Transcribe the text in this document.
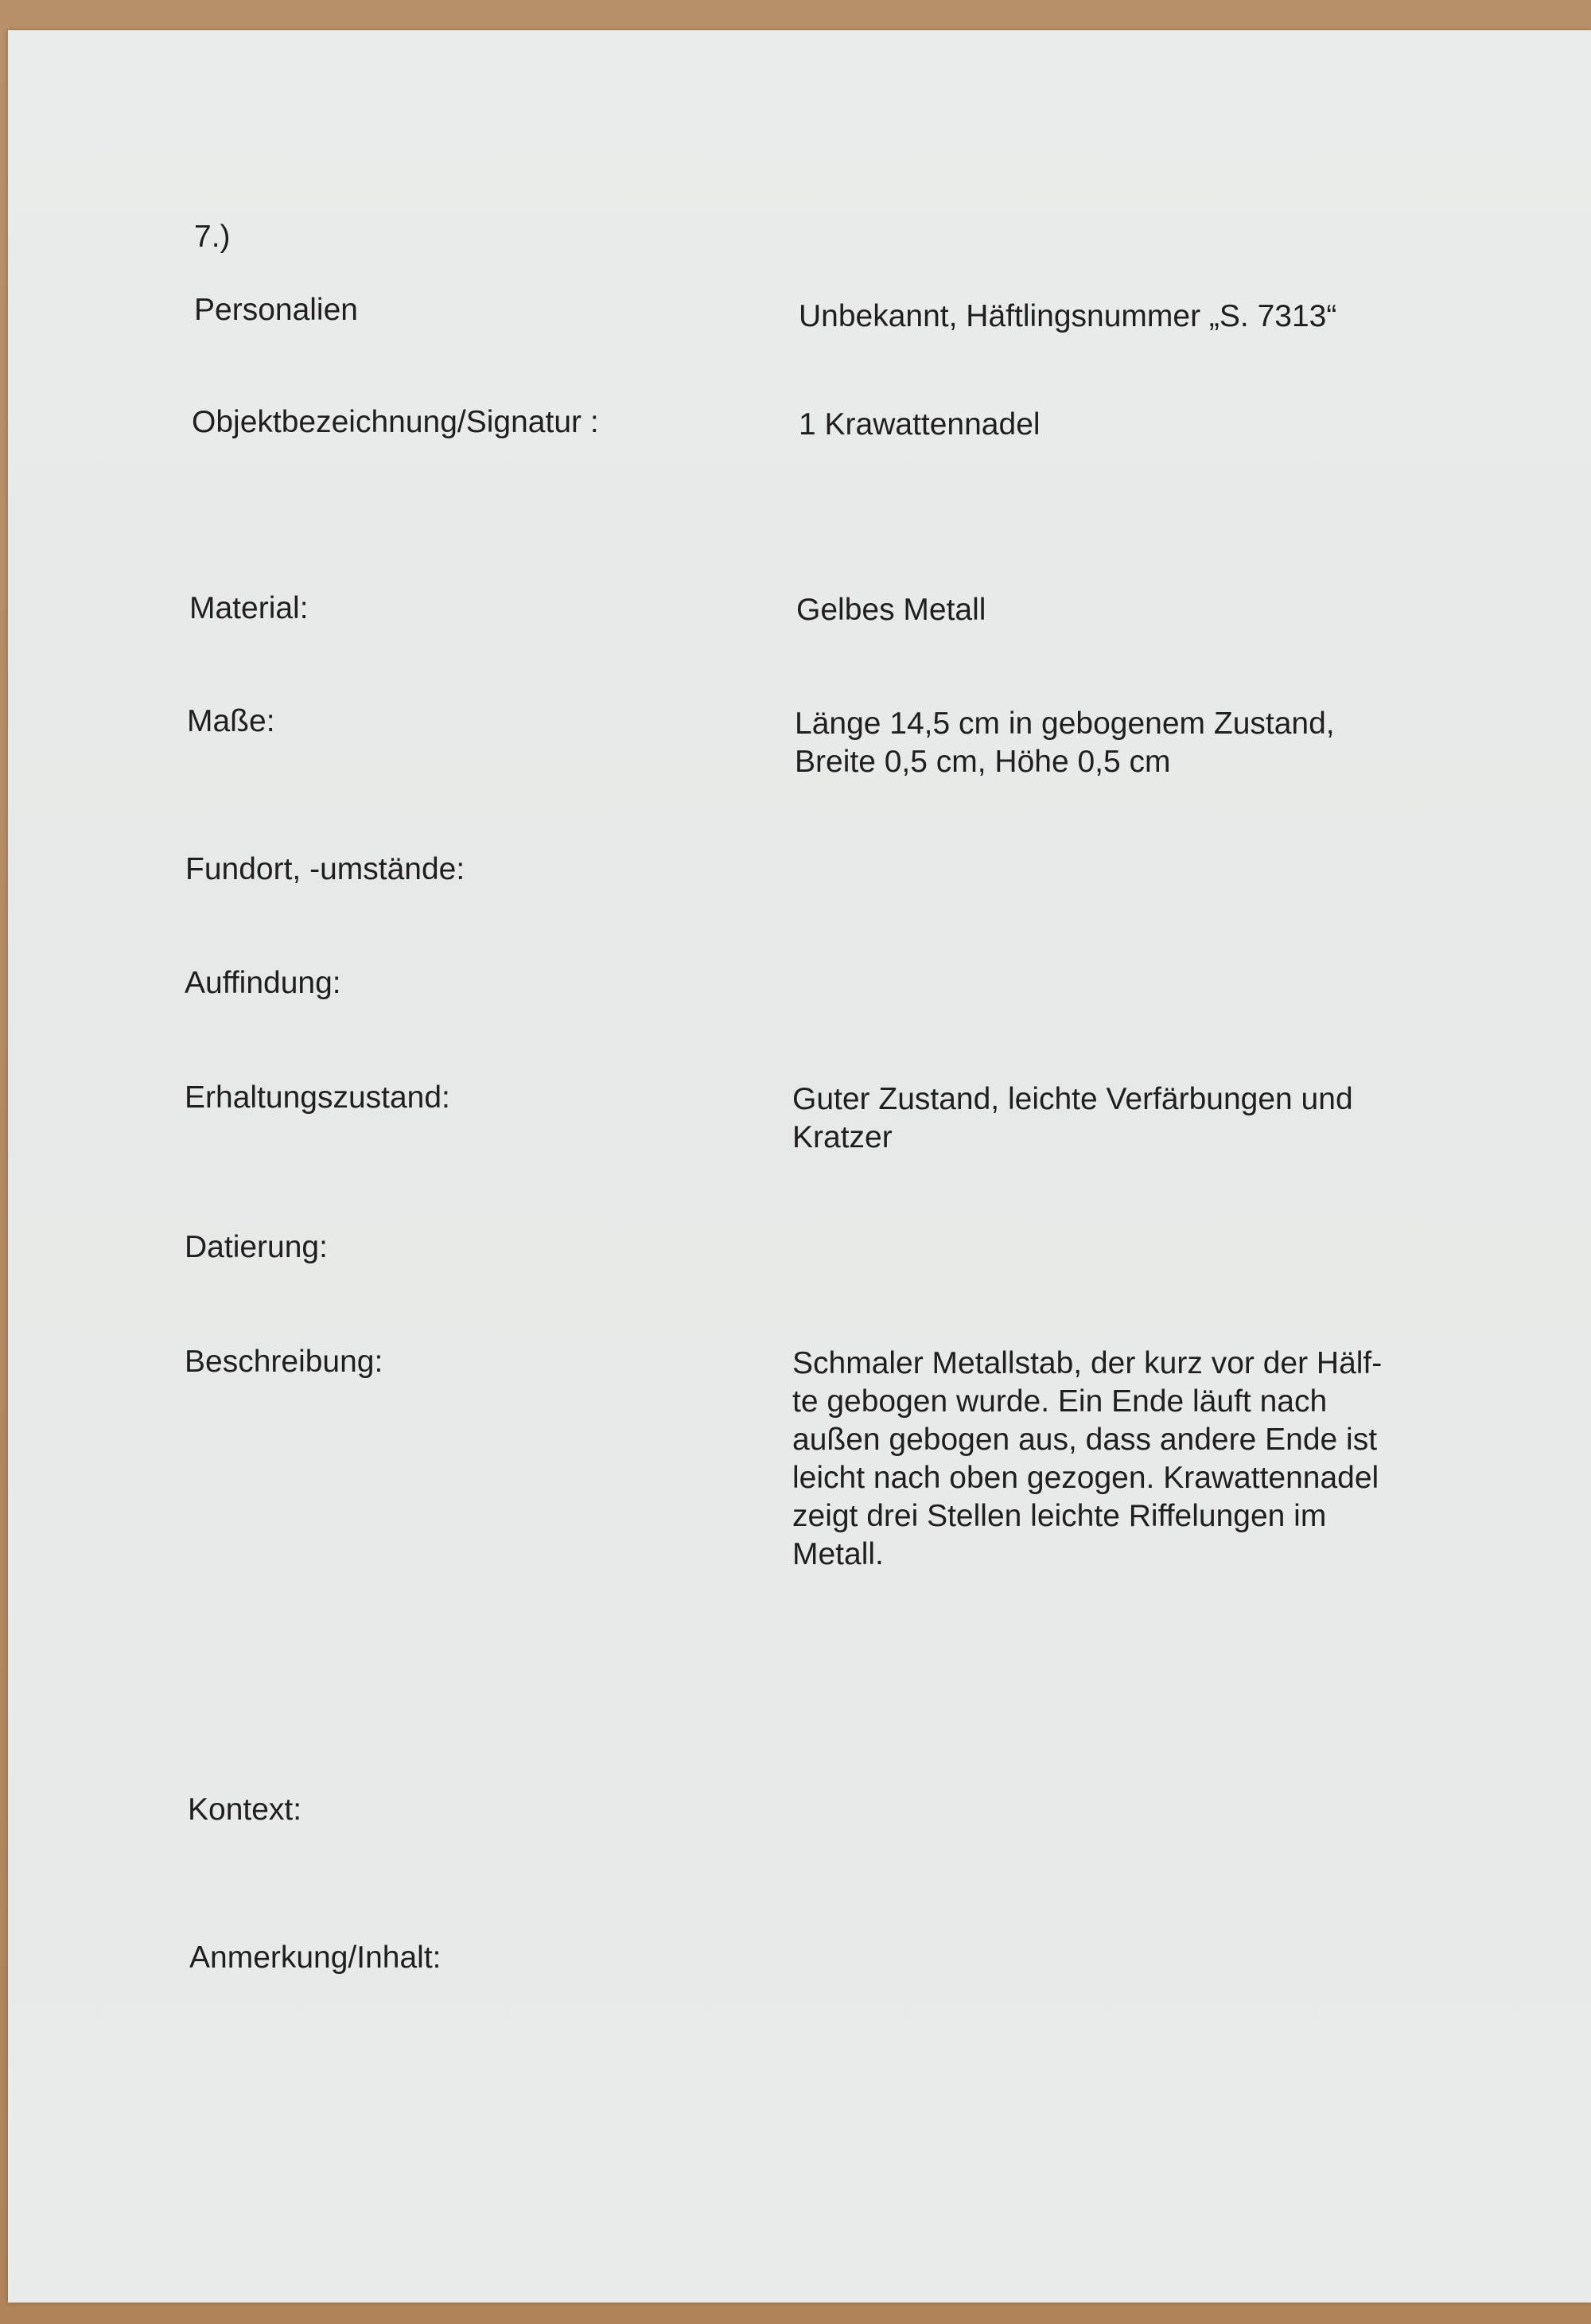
7.)
Personalien	Unbekannt, Häftlingsnummer „S. 7313“
Objektbezeichnung/Signatur :	1 Krawattennadel
Material:	Gelbes Metall
Maße:	Länge 14,5 cm in gebogenem Zustand,
Breite 0,5 cm, Höhe 0,5 cm
Fundort, -umstände:
Auffindung:
Erhaltungszustand:	Guter Zustand, leichte Verfärbungen und
Kratzer
Datierung:
Beschreibung:	Schmaler Metallstab, der kurz vor der Hälf-
te gebogen wurde. Ein Ende läuft nach
außen gebogen aus, dass andere Ende ist
leicht nach oben gezogen. Krawattennadel
zeigt drei Stellen leichte Riffelungen im
Metall.
Kontext:
Anmerkung/Inhalt:
